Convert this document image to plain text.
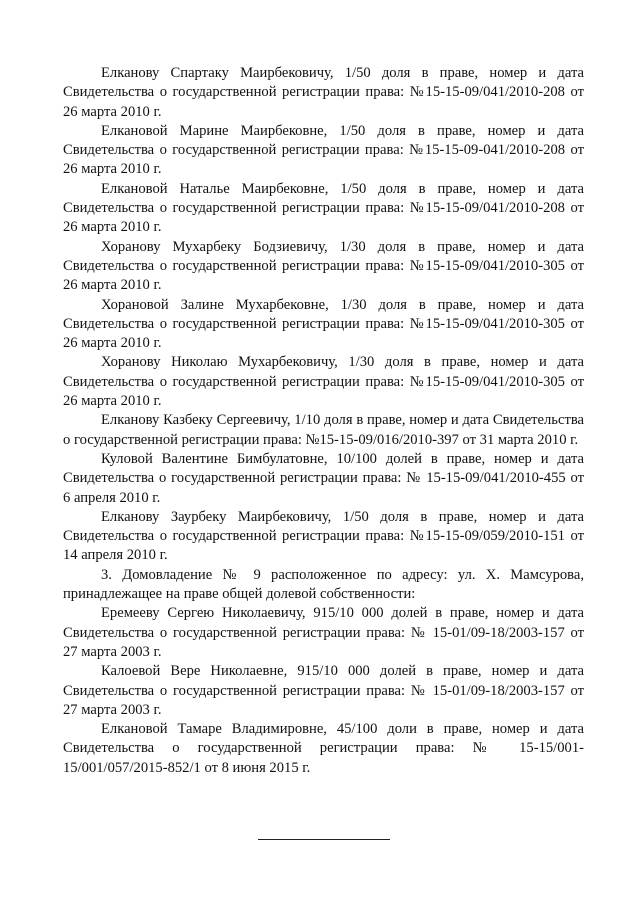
Елканову Спартаку Маирбековичу, 1/50 доля в праве, номер и дата Свидетельства о государственной регистрации права: №15-15-09/041/2010-208 от 26 марта 2010 г.

Елкановой Марине Маирбековне, 1/50 доля в праве, номер и дата Свидетельства о государственной регистрации права: №15-15-09-041/2010-208 от 26 марта 2010 г.

Елкановой Наталье Маирбековне, 1/50 доля в праве, номер и дата Свидетельства о государственной регистрации права: №15-15-09/041/2010-208 от 26 марта 2010 г.

Хоранову Мухарбеку Бодзиевичу, 1/30 доля в праве, номер и дата Свидетельства о государственной регистрации права: №15-15-09/041/2010-305 от 26 марта 2010 г.

Хорановой Залине Мухарбековне, 1/30 доля в праве, номер и дата Свидетельства о государственной регистрации права: №15-15-09/041/2010-305 от 26 марта 2010 г.

Хоранову Николаю Мухарбековичу, 1/30 доля в праве, номер и дата Свидетельства о государственной регистрации права: №15-15-09/041/2010-305 от 26 марта 2010 г.

Елканову Казбеку Сергеевичу, 1/10 доля в праве, номер и дата Свидетельства о государственной регистрации права: №15-15-09/016/2010-397 от 31 марта 2010 г.

Куловой Валентине Бимбулатовне, 10/100 долей в праве, номер и дата Свидетельства о государственной регистрации права: № 15-15-09/041/2010-455 от 6 апреля 2010 г.

Елканову Заурбеку Маирбековичу, 1/50 доля в праве, номер и дата Свидетельства о государственной регистрации права: №15-15-09/059/2010-151 от 14 апреля 2010 г.

3. Домовладение № 9 расположенное по адресу: ул. Х. Мамсурова, принадлежащее на праве общей долевой собственности:

Еремееву Сергею Николаевичу, 915/10 000 долей в праве, номер и дата Свидетельства о государственной регистрации права: № 15-01/09-18/2003-157 от 27 марта 2003 г.

Калоевой Вере Николаевне, 915/10 000 долей в праве, номер и дата Свидетельства о государственной регистрации права: № 15-01/09-18/2003-157 от 27 марта 2003 г.

Елкановой Тамаре Владимировне, 45/100 доли в праве, номер и дата Свидетельства о государственной регистрации права: № 15-15/001-15/001/057/2015-852/1 от 8 июня 2015 г.
